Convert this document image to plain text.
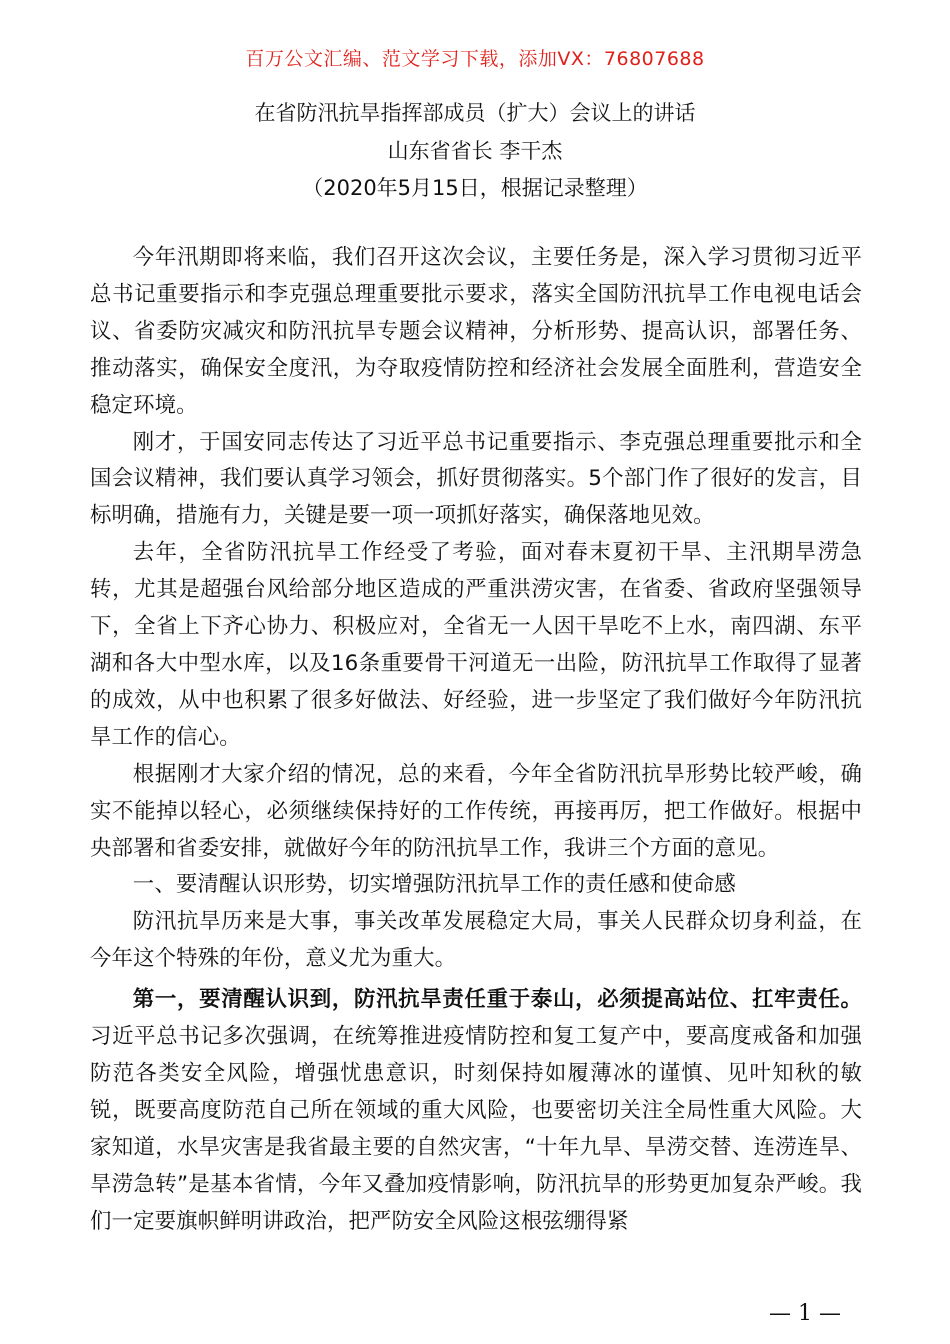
百万公文汇编、范文学习下载，添加VX：76807688
在省防汛抗旱指挥部成员（扩大）会议上的讲话
山东省省长 李干杰
（2020年5月15日，根据记录整理）

今年汛期即将来临，我们召开这次会议，主要任务是，深入学习贯彻习近平总书记重要指示和李克强总理重要批示要求，落实全国防汛抗旱工作电视电话会议、省委防灾减灾和防汛抗旱专题会议精神，分析形势、提高认识，部署任务、推动落实，确保安全度汛，为夺取疫情防控和经济社会发展全面胜利，营造安全稳定环境。

刚才，于国安同志传达了习近平总书记重要指示、李克强总理重要批示和全国会议精神，我们要认真学习领会，抓好贯彻落实。5个部门作了很好的发言，目标明确，措施有力，关键是要一项一项抓好落实，确保落地见效。

去年，全省防汛抗旱工作经受了考验，面对春末夏初干旱、主汛期旱涝急转，尤其是超强台风给部分地区造成的严重洪涝灾害，在省委、省政府坚强领导下，全省上下齐心协力、积极应对，全省无一人因干旱吃不上水，南四湖、东平湖和各大中型水库，以及16条重要骨干河道无一出险，防汛抗旱工作取得了显著的成效，从中也积累了很多好做法、好经验，进一步坚定了我们做好今年防汛抗旱工作的信心。

根据刚才大家介绍的情况，总的来看，今年全省防汛抗旱形势比较严峻，确实不能掉以轻心，必须继续保持好的工作传统，再接再厉，把工作做好。根据中央部署和省委安排，就做好今年的防汛抗旱工作，我讲三个方面的意见。

一、要清醒认识形势，切实增强防汛抗旱工作的责任感和使命感

防汛抗旱历来是大事，事关改革发展稳定大局，事关人民群众切身利益，在今年这个特殊的年份，意义尤为重大。

第一，要清醒认识到，防汛抗旱责任重于泰山，必须提高站位、扛牢责任。习近平总书记多次强调，在统筹推进疫情防控和复工复产中，要高度戒备和加强防范各类安全风险，增强忧患意识，时刻保持如履薄冰的谨慎、见叶知秋的敏锐，既要高度防范自己所在领域的重大风险，也要密切关注全局性重大风险。大家知道，水旱灾害是我省最主要的自然灾害，“十年九旱、旱涝交替、连涝连旱、旱涝急转”是基本省情，今年又叠加疫情影响，防汛抗旱的形势更加复杂严峻。我们一定要旗帜鲜明讲政治，把严防安全风险这根弦绷得紧

— 1 —
